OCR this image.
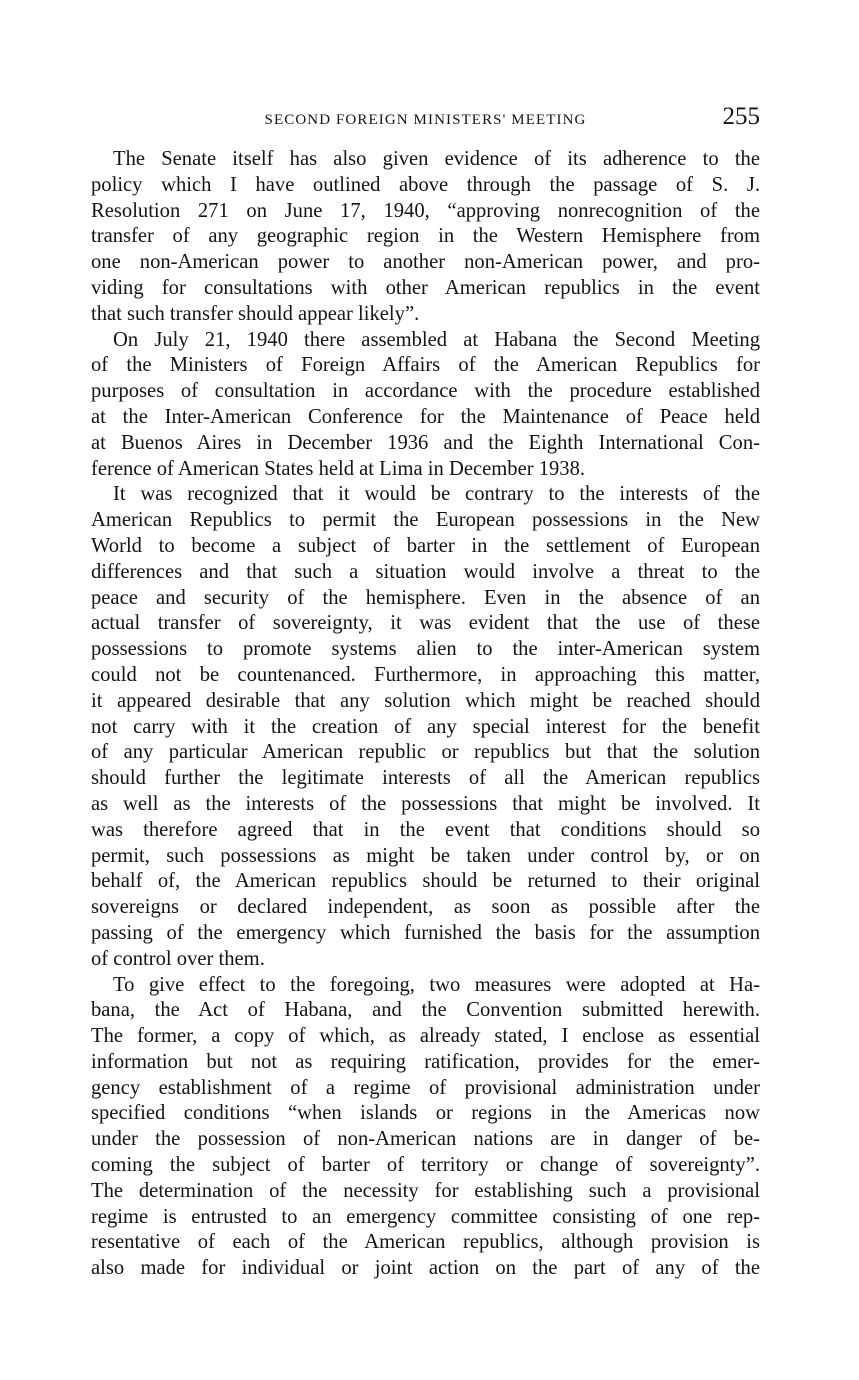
SECOND FOREIGN MINISTERS' MEETING	255

The Senate itself has also given evidence of its adherence to the
policy which I have outlined above through the passage of S. J.
Resolution 271 on June 17, 1940, “approving nonrecognition of the
transfer of any geographic region in the Western Hemisphere from
one non-American power to another non-American power, and pro-
viding for consultations with other American republics in the event
that such transfer should appear likely”.

On July 21, 1940 there assembled at Habana the Second Meeting
of the Ministers of Foreign Affairs of the American Republics for
purposes of consultation in accordance with the procedure established
at the Inter-American Conference for the Maintenance of Peace held
at Buenos Aires in December 1936 and the Eighth International Con-
ference of American States held at Lima in December 1938.

It was recognized that it would be contrary to the interests of the
American Republics to permit the European possessions in the New
World to become a subject of barter in the settlement of European
differences and that such a situation would involve a threat to the
peace and security of the hemisphere. Even in the absence of an
actual transfer of sovereignty, it was evident that the use of these
possessions to promote systems alien to the inter-American system
could not be countenanced. Furthermore, in approaching this matter,
it appeared desirable that any solution which might be reached should
not carry with it the creation of any special interest for the benefit
of any particular American republic or republics but that the solution
should further the legitimate interests of all the American republics
as well as the interests of the possessions that might be involved. It
was therefore agreed that in the event that conditions should so
permit, such possessions as might be taken under control by, or on
behalf of, the American republics should be returned to their original
sovereigns or declared independent, as soon as possible after the
passing of the emergency which furnished the basis for the assumption
of control over them.

To give effect to the foregoing, two measures were adopted at Ha-
bana, the Act of Habana, and the Convention submitted herewith.
The former, a copy of which, as already stated, I enclose as essential
information but not as requiring ratification, provides for the emer-
gency establishment of a regime of provisional administration under
specified conditions “when islands or regions in the Americas now
under the possession of non-American nations are in danger of be-
coming the subject of barter of territory or change of sovereignty”.
The determination of the necessity for establishing such a provisional
regime is entrusted to an emergency committee consisting of one rep-
resentative of each of the American republics, although provision is
also made for individual or joint action on the part of any of the
